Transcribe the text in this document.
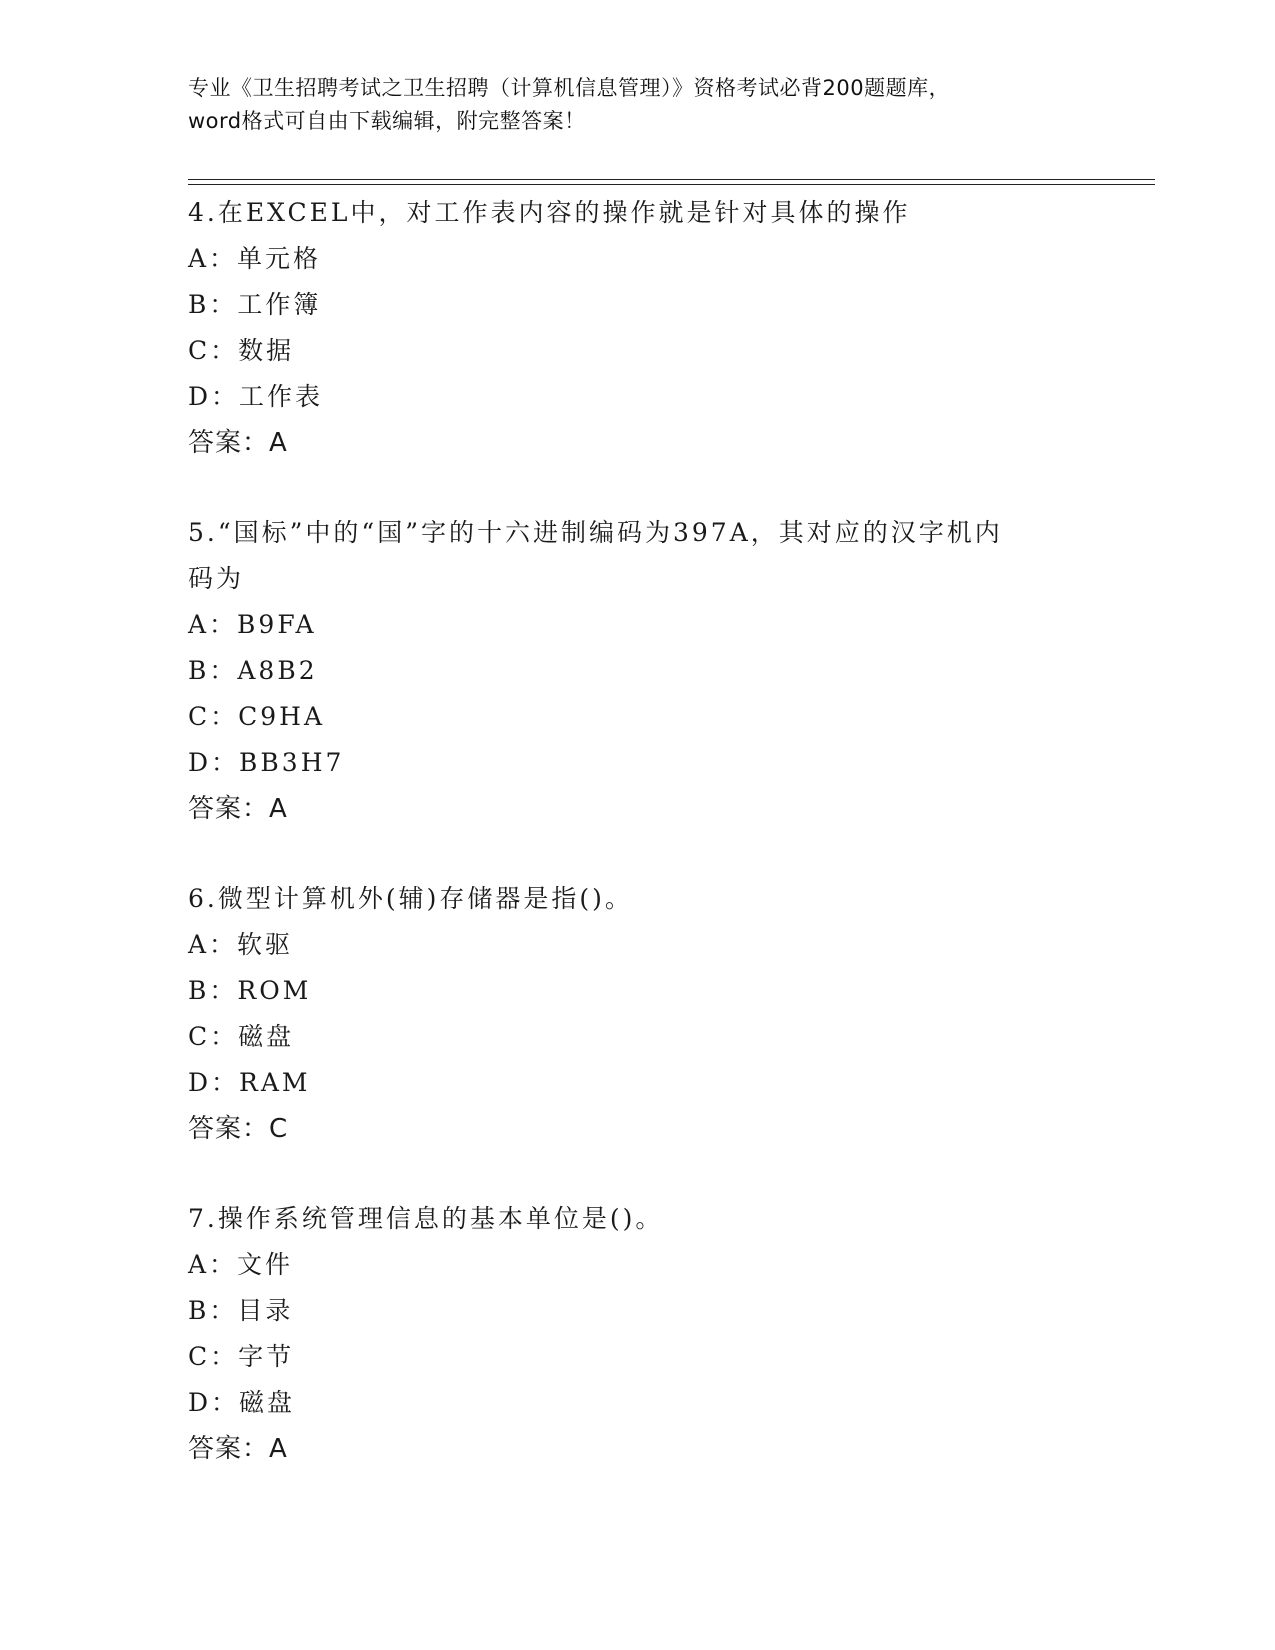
专业《卫生招聘考试之卫生招聘（计算机信息管理）》资格考试必背200题题库，
word格式可自由下载编辑，附完整答案！

4.在EXCEL中，对工作表内容的操作就是针对具体的操作

A：单元格

B：工作簿

C：数据

D：工作表

答案：A

5.“国标”中的“国”字的十六进制编码为397A，其对应的汉字机内

码为

A：B9FA

B：A8B2

C：C9HA

D：BB3H7

答案：A

6.微型计算机外(辅)存储器是指()。

A：软驱

B：ROM

C：磁盘

D：RAM

答案：C

7.操作系统管理信息的基本单位是()。

A：文件

B：目录

C：字节

D：磁盘

答案：A
